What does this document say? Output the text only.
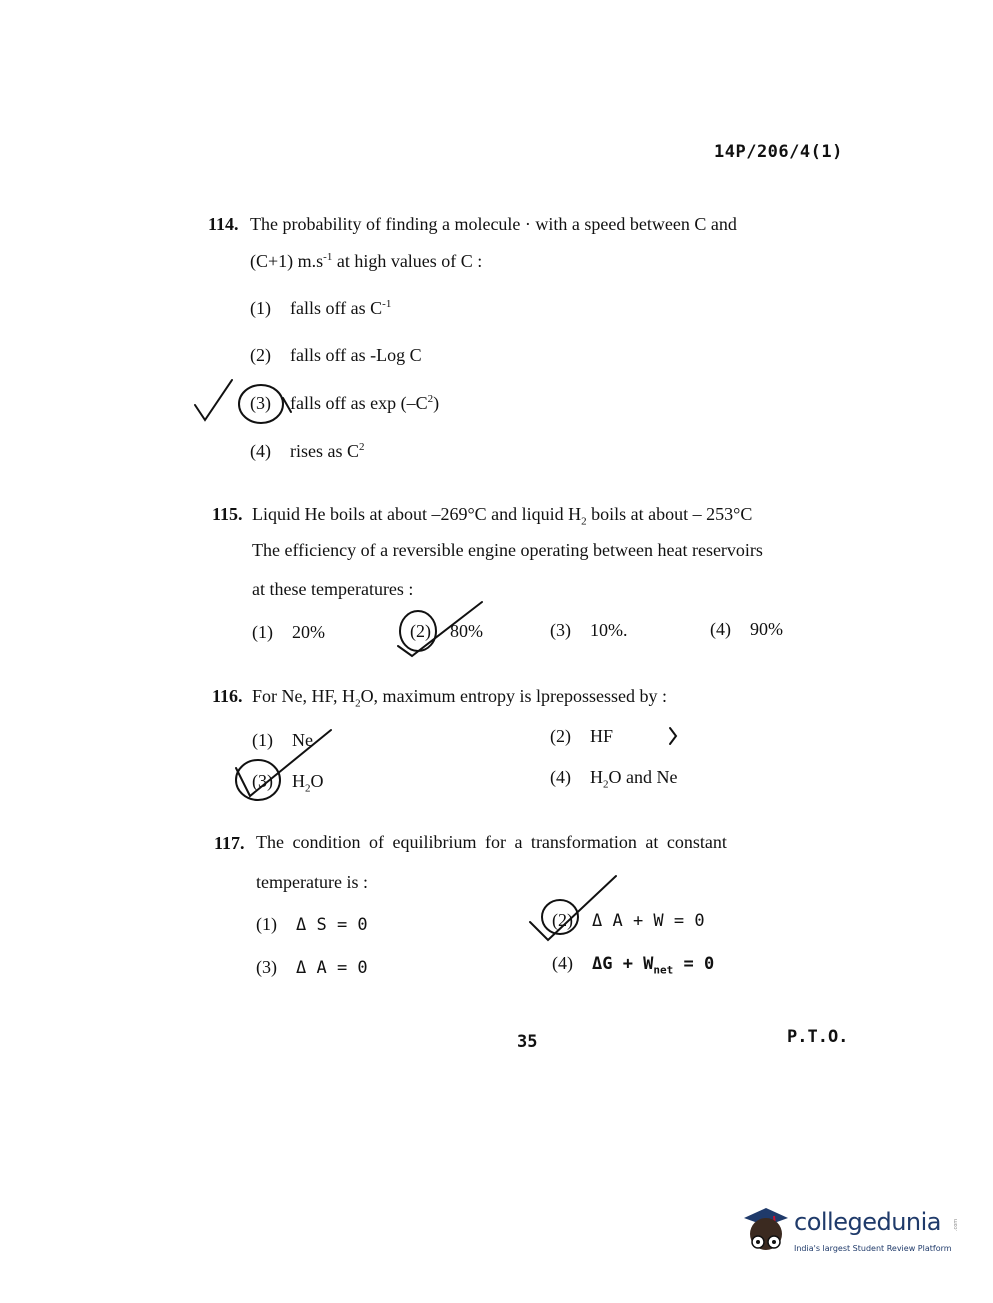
14P/206/4(1)
114. The probability of finding a molecule · with a speed between C and
(C+1) $m.s^{-1}$ at high values of C :
(1) falls off as $C^{-1}$
(2) falls off as -Log C
(3) falls off as $\exp (-C^2)$
(4) rises as $C^2$
115. Liquid He boils at about –269°C and liquid $H_2$ boils at about – 253°C
The efficiency of a reversible engine operating between heat reservoirs
at these temperatures :
(1) 20%	(2) 80%	(3) 10%.	(4) 90%
116. For Ne, HF, $H_2O$, maximum entropy is lprepossessed by :
(1) Ne	(2) HF
(3) $H_2O$	(4) $H_2O$ and Ne
117. The condition of equilibrium for a transformation at constant
temperature is :
(1) Δ S = 0	(2) Δ A + W = 0
(3) Δ A = 0	(4) $\Delta G + W_{net} = 0$
35	P.T.O.
collegedunia
India's largest Student Review Platform
.com
